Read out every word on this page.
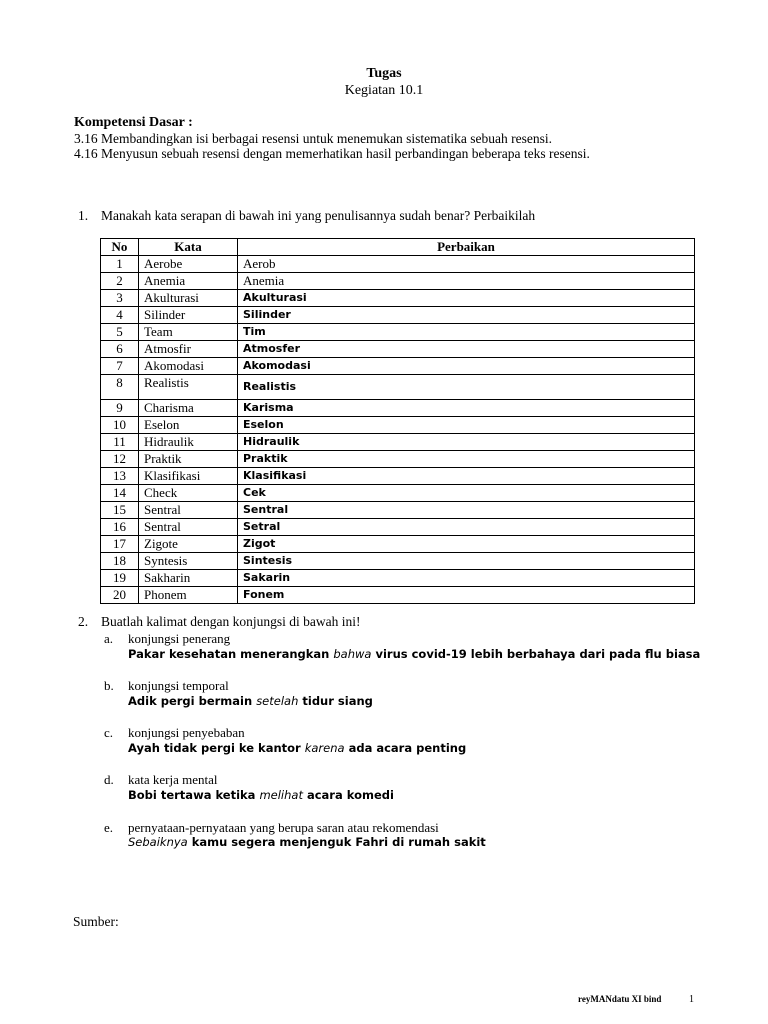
Tugas
Kegiatan 10.1
Kompetensi Dasar :
3.16 Membandingkan isi berbagai resensi untuk menemukan sistematika sebuah resensi.
4.16 Menyusun sebuah resensi dengan memerhatikan hasil perbandingan beberapa teks resensi.
1. Manakah kata serapan di bawah ini yang penulisannya sudah benar? Perbaikilah
No	Kata	Perbaikan
1	Aerobe	Aerob
2	Anemia	Anemia
3	Akulturasi	Akulturasi
4	Silinder	Silinder
5	Team	Tim
6	Atmosfir	Atmosfer
7	Akomodasi	Akomodasi
8	Realistis	Realistis
9	Charisma	Karisma
10	Eselon	Eselon
11	Hidraulik	Hidraulik
12	Praktik	Praktik
13	Klasifikasi	Klasifikasi
14	Check	Cek
15	Sentral	Sentral
16	Sentral	Setral
17	Zigote	Zigot
18	Syntesis	Sintesis
19	Sakharin	Sakarin
20	Phonem	Fonem
2. Buatlah kalimat dengan konjungsi di bawah ini!
a. konjungsi penerang
Pakar kesehatan menerangkan bahwa virus covid-19 lebih berbahaya dari pada flu biasa
b. konjungsi temporal
Adik pergi bermain setelah tidur siang
c. konjungsi penyebaban
Ayah tidak pergi ke kantor karena ada acara penting
d. kata kerja mental
Bobi tertawa ketika melihat acara komedi
e. pernyataan-pernyataan yang berupa saran atau rekomendasi
Sebaiknya kamu segera menjenguk Fahri di rumah sakit
Sumber:
reyMANdatu XI bind	1
